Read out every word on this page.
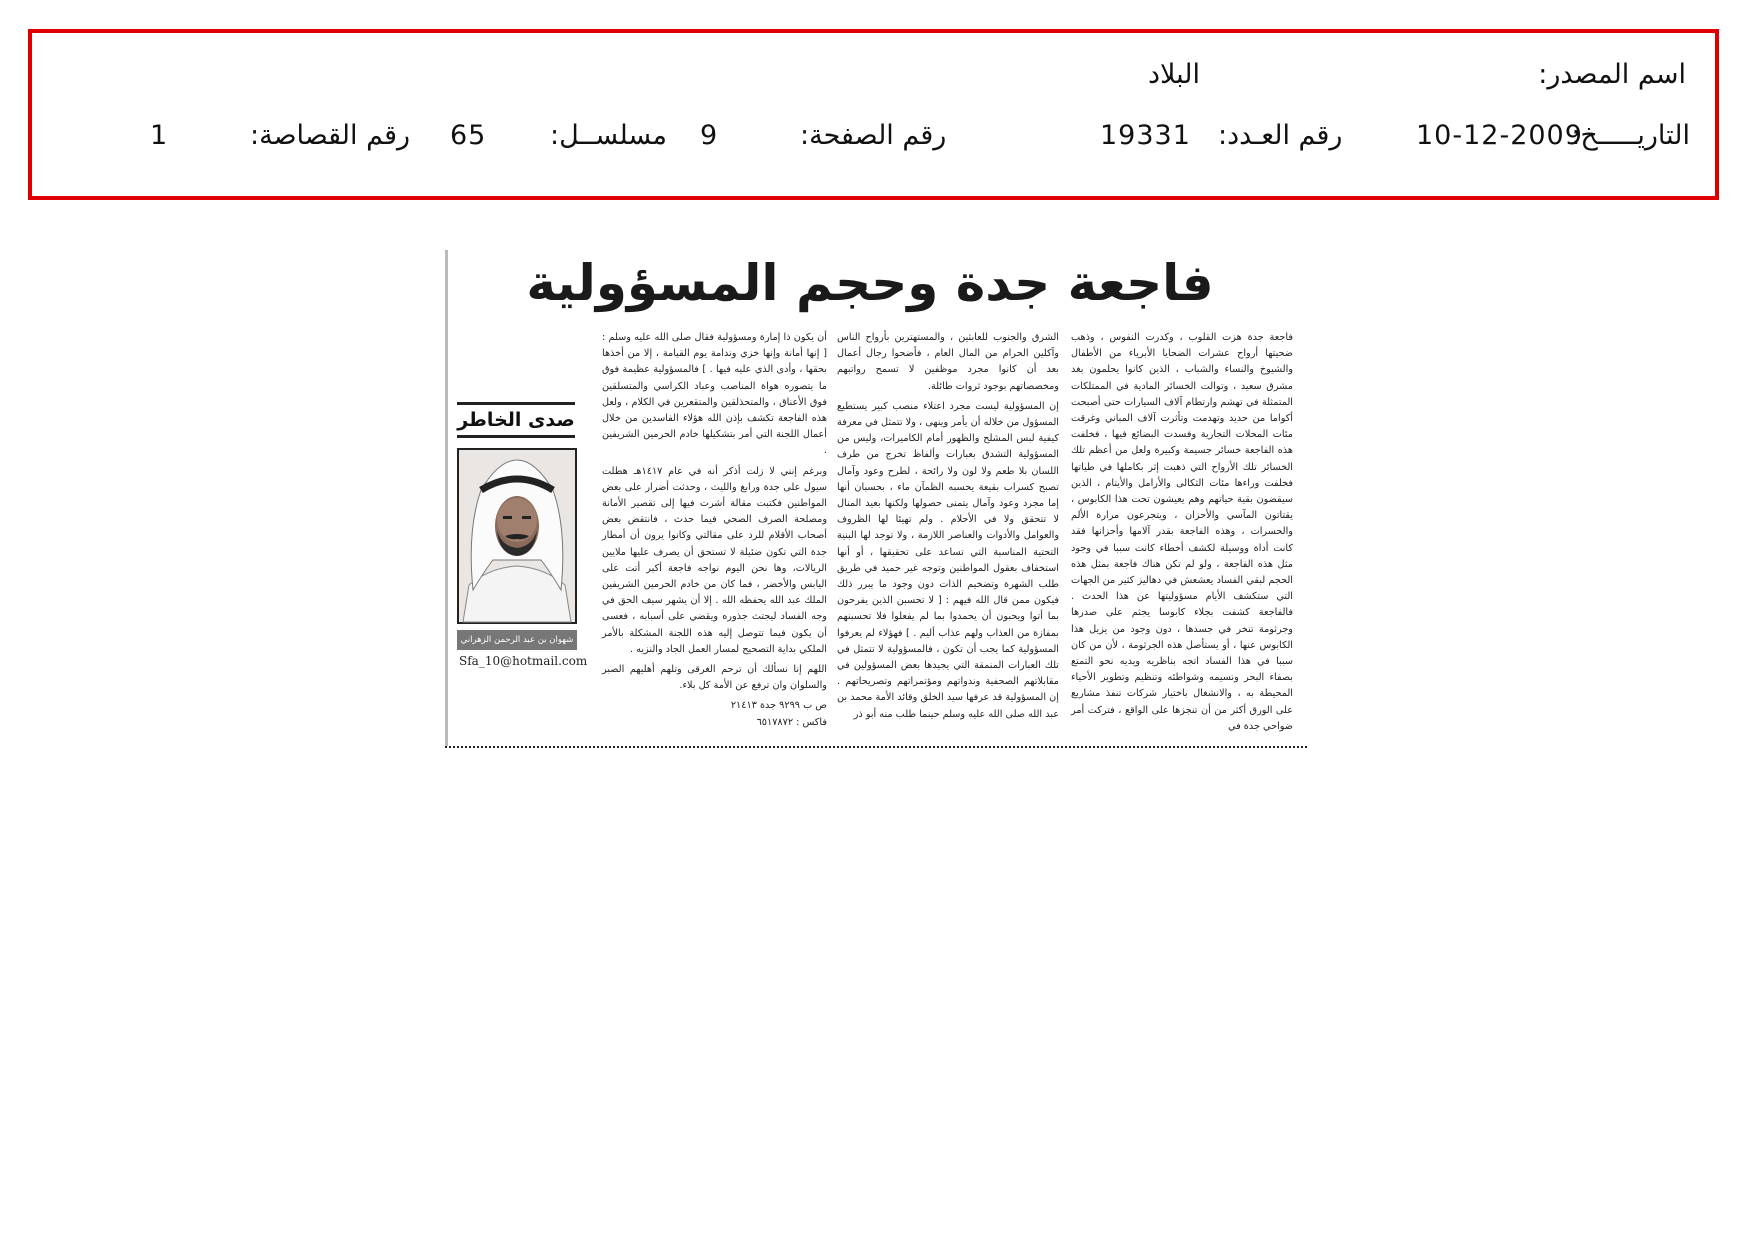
اسم المصدر:
البلاد
التاريـــــخ:
10-12-2009
رقم العـدد:
19331
رقم الصفحة:
9
مسلســل:
65
رقم القصاصة:
1
فاجعة جدة وحجم المسؤولية

فاجعة جدة هزت القلوب ، وكدرت النفوس ، وذهب ضحيتها أرواح عشرات الضحايا الأبرياء من الأطفال والشيوخ والنساء والشباب ، الذين كانوا يحلمون بغد مشرق سعيد ، وتوالت الخسائر المادية في الممتلكات المتمثلة في تهشم وارتطام آلاف السيارات حتى أصبحت أكواما من حديد وتهدمت وتأثرت آلاف المباني وغرقت مئات المحلات التجارية وفسدت البضائع فيها ، فخلفت هذه الفاجعة خسائر جسيمة وكبيرة ولعل من أعظم تلك الخسائر تلك الأرواح التي ذهبت إثر بكاملها في طياتها فخلفت وراءها مئات الثكالى والأرامل والأيتام ، الذين سيقضون بقية حياتهم وهم يعيشون تحت هذا الكابوس ، يقتاتون المآسي والأحزان ، ويتجرعون مرارة الألم والحسرات ، وهذه الفاجعة بقدر آلامها وأحزانها فقد كانت أداة ووسيلة لكشف أخطاء كانت سببا في وجود مثل هذه الفاجعة ، ولو لم تكن هناك فاجعة بمثل هذه الحجم لبقي الفساد يعشعش في دهاليز كثير من الجهات التي ستكشف الأيام مسؤوليتها عن هذا الحدث . فالفاجعة كشفت بجلاء كابوسا يجثم على صدرها وجرثومة تنخر في جسدها ، دون وجود من يزيل هذا الكابوس عنها ، أو يستأصل هذه الجرثومة ، لأن من كان سببا في هذا الفساد اتجه بناظريه ويديه نحو التمتع بصفاء البحر ونسيمه وشواطئه وتنظيم وتطوير الأحياء المحيطة به ، والانشغال باختيار شركات تنفذ مشاريع على الورق أكثر من أن تنجزها على الواقع ، فتركت أمر ضواحي جدة في

الشرق والجنوب للعابثين ، والمستهترين بأرواح الناس وآكلين الحرام من المال العام ، فأضحوا رجال أعمال بعد أن كانوا مجرد موظفين لا تسمح رواتبهم ومخصصاتهم بوجود ثروات طائلة.

إن المسؤولية ليست مجرد اعتلاء منصب كبير يستطيع المسؤول من خلاله أن يأمر وينهى ، ولا تتمثل في معرفة كيفية لبس المشلح والظهور أمام الكاميرات، وليس من المسؤولية التشدق بعبارات وألفاظ تخرج من طرف اللسان بلا طعم ولا لون ولا رائحة ، لطرح وعود وآمال تصبح كسراب بقيعة يحسبه الظمآن ماء ، بحسبان أنها إما مجرد وعود وآمال يتمنى حصولها ولكنها بعيد المنال لا تتحقق ولا في الأحلام . ولم تهيئا لها الظروف والعوامل والأدوات والعناصر اللازمة ، ولا توجد لها البنية التحتية المناسبة التي تساعد على تحقيقها ، أو أنها استخفاف بعقول المواطنين وتوجه غير حميد في طريق طلب الشهرة وتضخيم الذات دون وجود ما يبرر ذلك فيكون ممن قال الله فيهم : [ لا تحسبن الذين يفرحون بما أتوا ويحبون أن يحمدوا بما لم يفعلوا فلا تحسبنهم بمفازة من العذاب ولهم عذاب أليم . ] فهؤلاء لم يعرفوا المسؤولية كما يجب أن تكون ، فالمسؤولية لا تتمثل في تلك العبارات المنمقة التي يجيدها بعض المسؤولين في مقابلاتهم الصحفية وندواتهم ومؤتمراتهم وتصريحاتهم . إن المسؤولية قد عرفها سيد الخلق وقائد الأمة محمد بن عبد الله صلى الله عليه وسلم حينما طلب منه أبو ذر

أن يكون ذا إمارة ومسؤولية فقال صلى الله عليه وسلم : [ إنها أمانة وإنها خزي وندامة يوم القيامة ، إلا من أخذها بحقها ، وأدى الذي عليه فيها . ] فالمسؤولية عظيمة فوق ما يتصوره هواة المناصب وعباد الكراسي والمتسلقين فوق الأعناق ، والمتحذلقين والمتقعرين في الكلام ، ولعل هذه الفاجعة تكشف بإذن الله هؤلاء الفاسدين من خلال أعمال اللجنة التي أمر بتشكيلها خادم الحرمين الشريفين .

وبرغم إنني لا زلت أذكر أنه في عام ١٤١٧هـ هطلت سيول على جدة ورابغ والليث ، وحدثت أضرار على بعض المواطنين فكتبت مقالة أشرت فيها إلى تقصير الأمانة ومصلحة الصرف الصحي فيما حدث ، فانتقض بعض أصحاب الأقلام للرد على مقالتي وكانوا يرون أن أمطار جدة التي تكون ضئيلة لا تستحق أن يصرف عليها ملايين الريالات، وها نحن اليوم نواجه فاجعة أكبر أتت على اليابس والأخضر ، فما كان من خادم الحرمين الشريفين الملك عبد الله يحفظه الله . إلا أن يشهر سيف الحق في وجه الفساد ليجتث جذوره ويقضي على أسبابه ، فعسى أن يكون فيما تتوصل إليه هذه اللجنة المشكلة بالأمر الملكي بداية التصحيح لمسار العمل الجاد والنزيه .

اللهم إنا نسألك أن ترحم الغرقى وتلهم أهليهم الصبر والسلوان وان ترفع عن الأمة كل بلاء.

ص ب ٩٢٩٩ جدة ٢١٤١٣

فاكس : ٦٥١٧٨٧٢

صدى الخاطر
شهوان بن عبد الرحمن الزهراني
Sfa_10@hotmail.com
